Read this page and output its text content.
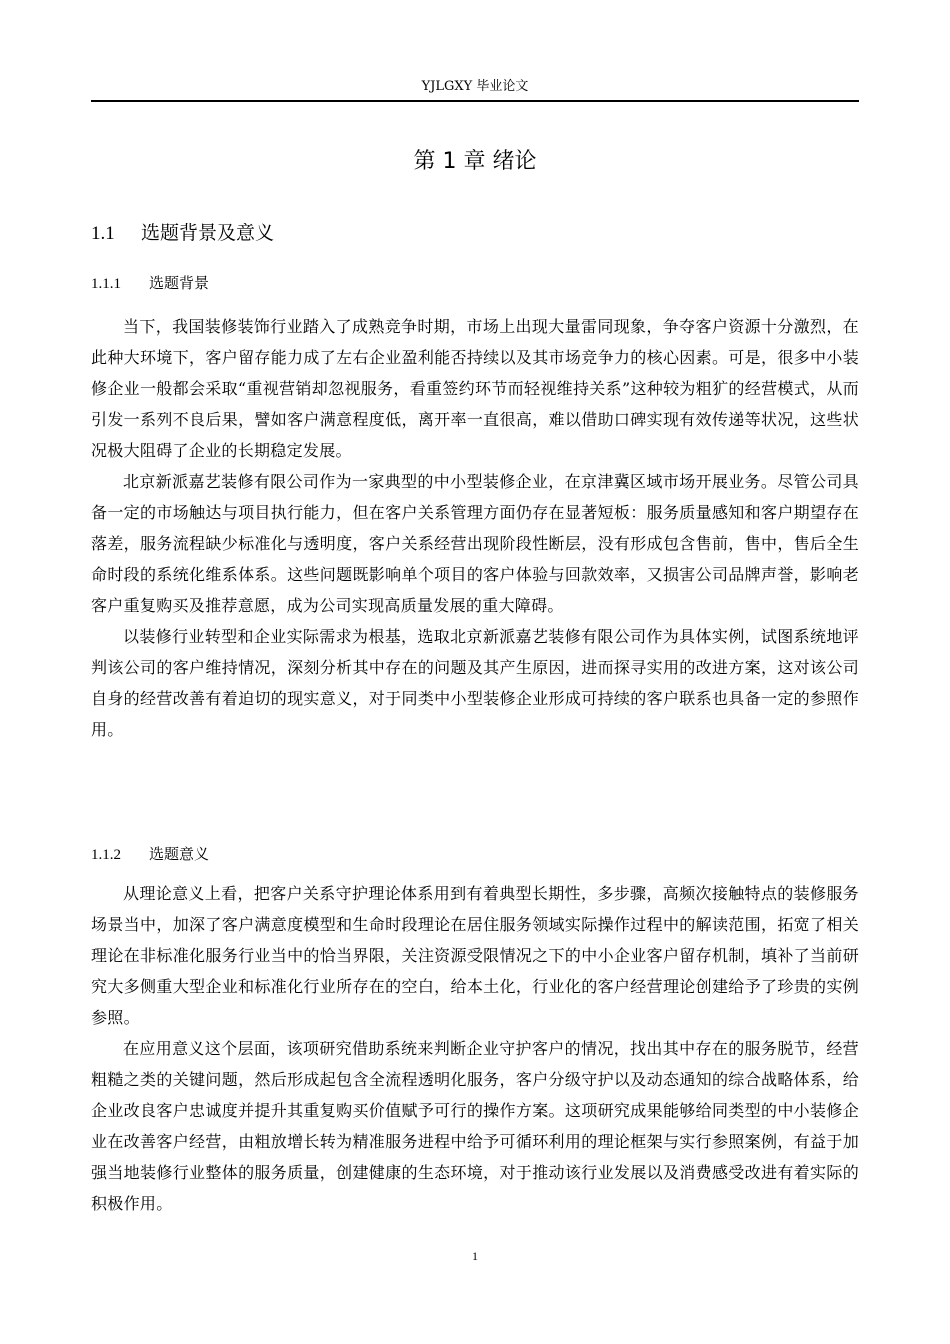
YJLGXY 毕业论文
第 1 章 绪论
1.1 选题背景及意义
1.1.1 选题背景

当下，我国装修装饰行业踏入了成熟竞争时期，市场上出现大量雷同现象，争夺客户资源十分激烈，在此种大环境下，客户留存能力成了左右企业盈利能否持续以及其市场竞争力的核心因素。可是，很多中小装修企业一般都会采取“重视营销却忽视服务，看重签约环节而轻视维持关系”这种较为粗犷的经营模式，从而引发一系列不良后果，譬如客户满意程度低，离开率一直很高，难以借助口碑实现有效传递等状况，这些状况极大阻碍了企业的长期稳定发展。

北京新派嘉艺装修有限公司作为一家典型的中小型装修企业，在京津冀区域市场开展业务。尽管公司具备一定的市场触达与项目执行能力，但在客户关系管理方面仍存在显著短板：服务质量感知和客户期望存在落差，服务流程缺少标准化与透明度，客户关系经营出现阶段性断层，没有形成包含售前，售中，售后全生命时段的系统化维系体系。这些问题既影响单个项目的客户体验与回款效率，又损害公司品牌声誉，影响老客户重复购买及推荐意愿，成为公司实现高质量发展的重大障碍。

以装修行业转型和企业实际需求为根基，选取北京新派嘉艺装修有限公司作为具体实例，试图系统地评判该公司的客户维持情况，深刻分析其中存在的问题及其产生原因，进而探寻实用的改进方案，这对该公司自身的经营改善有着迫切的现实意义，对于同类中小型装修企业形成可持续的客户联系也具备一定的参照作用。

1.1.2 选题意义

从理论意义上看，把客户关系守护理论体系用到有着典型长期性，多步骤，高频次接触特点的装修服务场景当中，加深了客户满意度模型和生命时段理论在居住服务领域实际操作过程中的解读范围，拓宽了相关理论在非标准化服务行业当中的恰当界限，关注资源受限情况之下的中小企业客户留存机制，填补了当前研究大多侧重大型企业和标准化行业所存在的空白，给本土化，行业化的客户经营理论创建给予了珍贵的实例参照。

在应用意义这个层面，该项研究借助系统来判断企业守护客户的情况，找出其中存在的服务脱节，经营粗糙之类的关键问题，然后形成起包含全流程透明化服务，客户分级守护以及动态通知的综合战略体系，给企业改良客户忠诚度并提升其重复购买价值赋予可行的操作方案。这项研究成果能够给同类型的中小装修企业在改善客户经营，由粗放增长转为精准服务进程中给予可循环利用的理论框架与实行参照案例，有益于加强当地装修行业整体的服务质量，创建健康的生态环境，对于推动该行业发展以及消费感受改进有着实际的积极作用。

1
